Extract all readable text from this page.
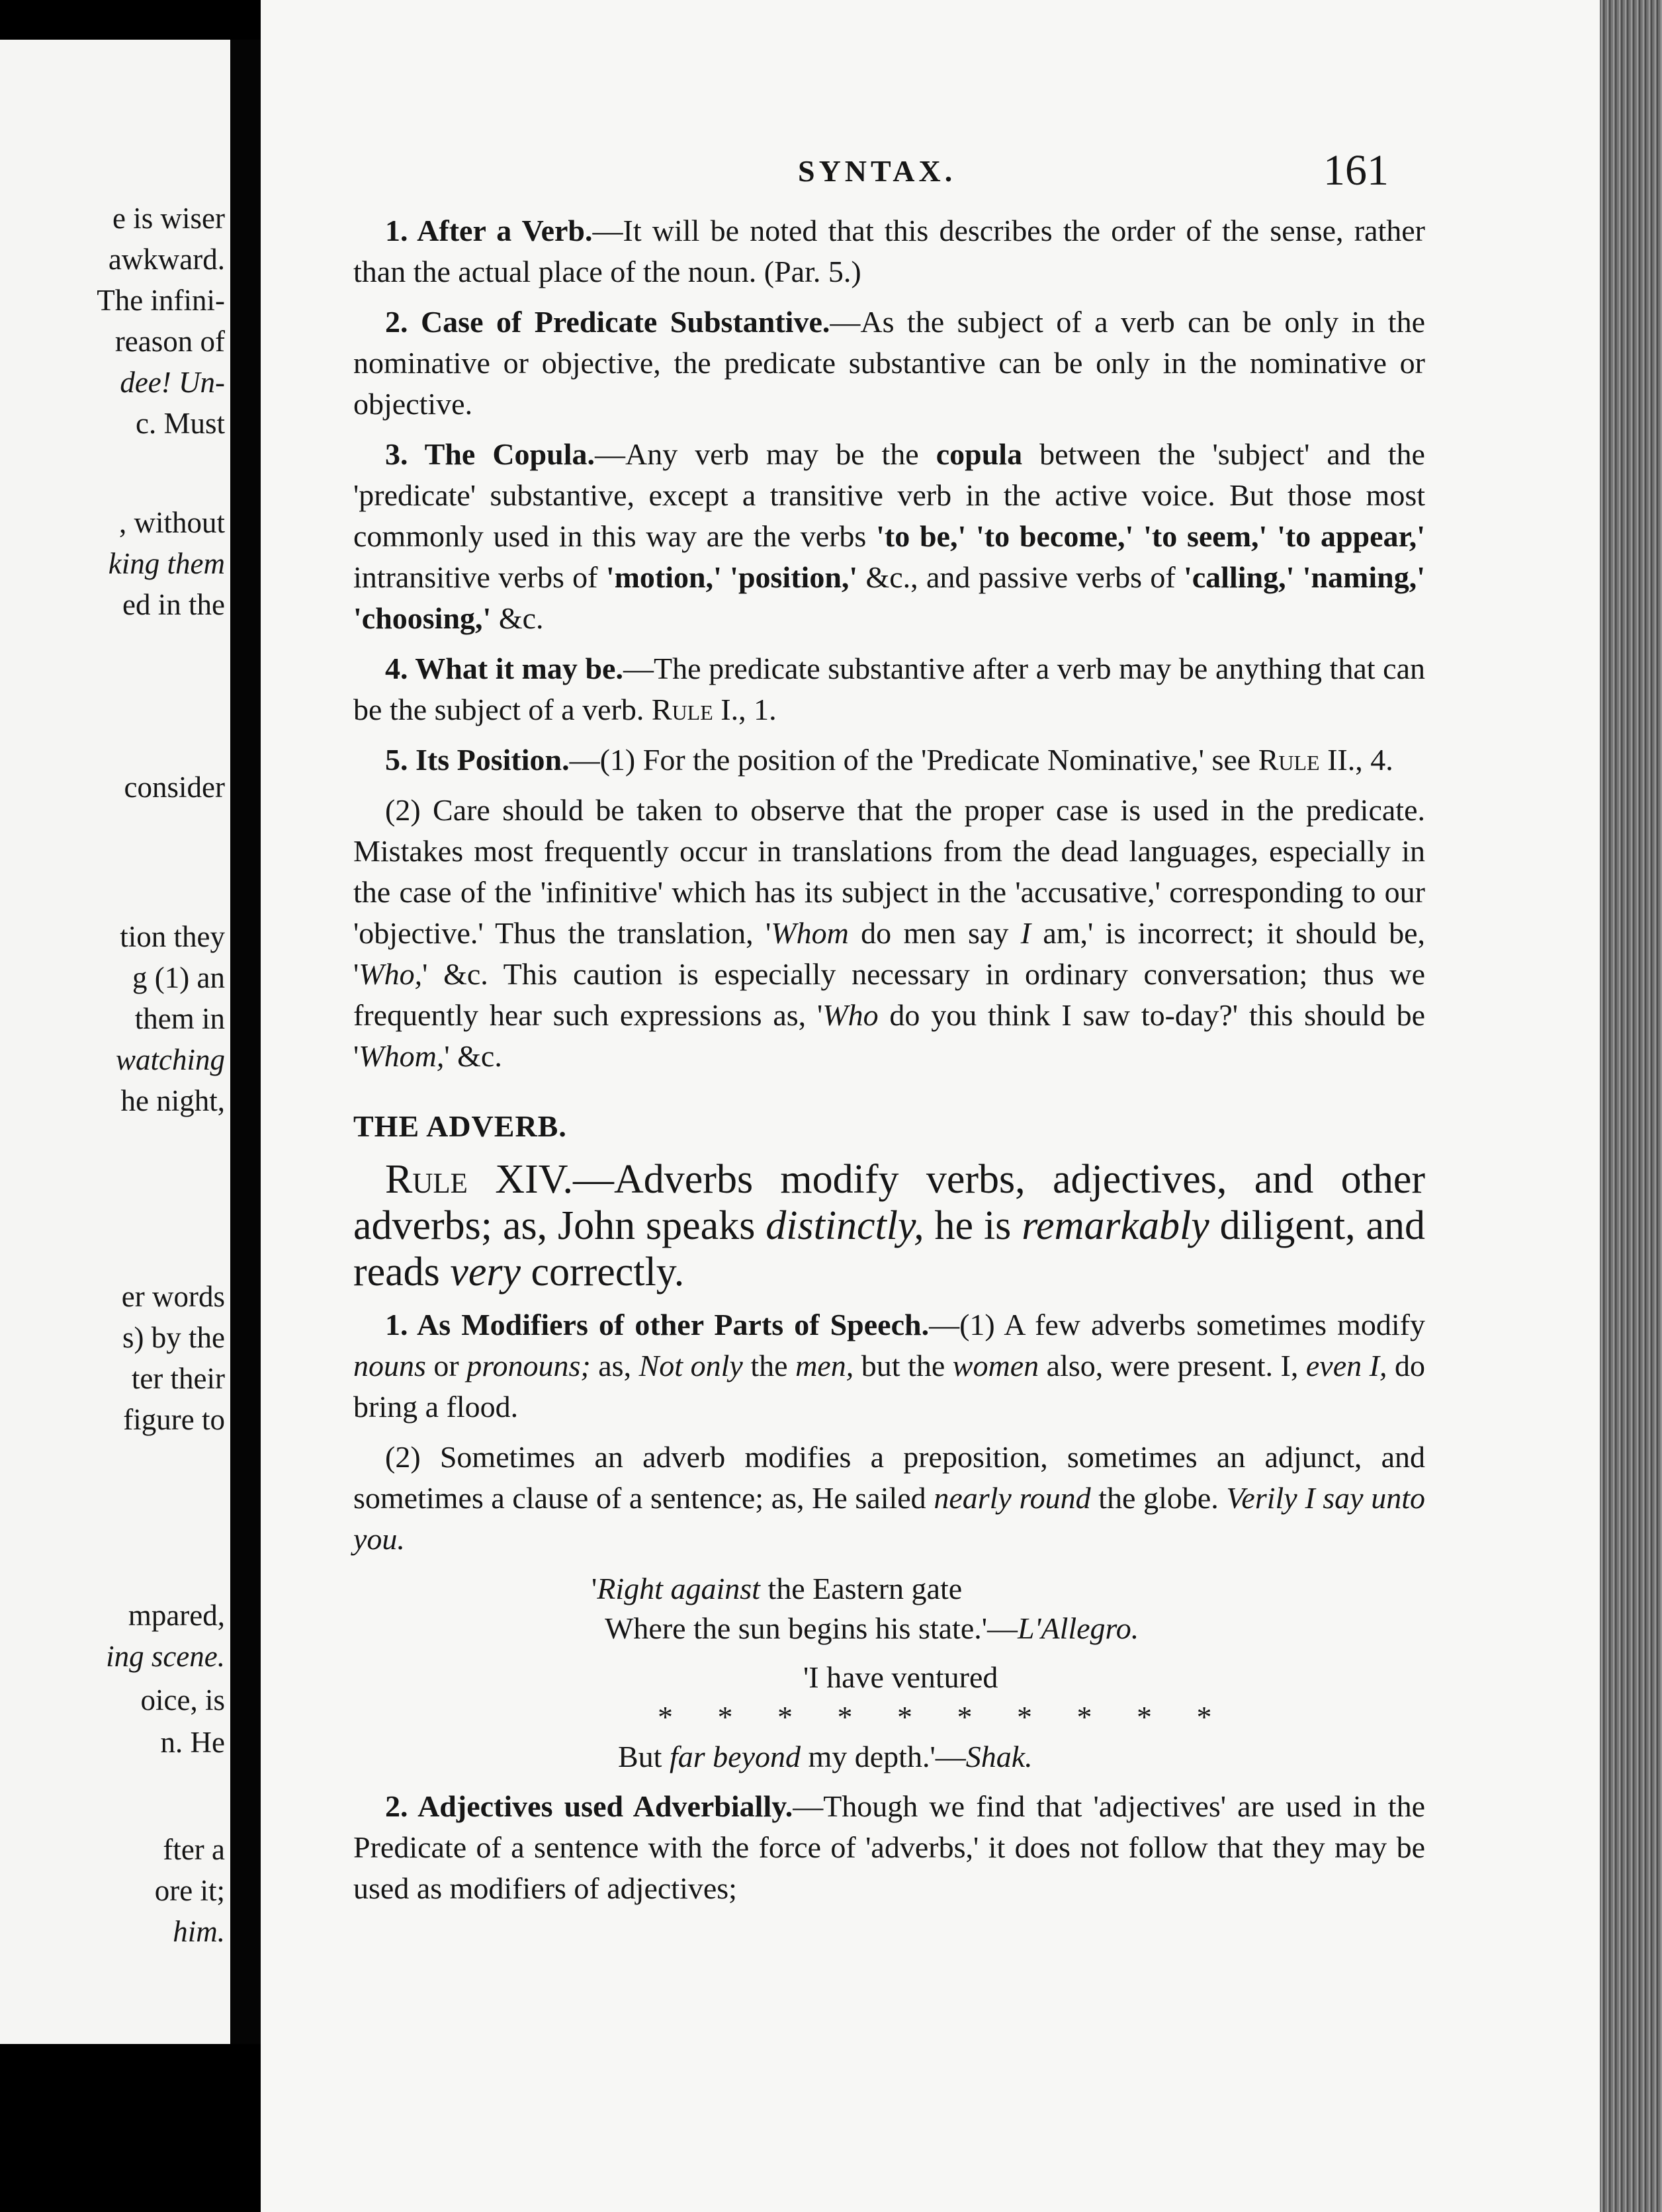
e is wiser
awkward.
The infini-
reason of
dee! Un-
c. Must
, without
king them
ed in the
consider
tion they
g (1) an
them in
watching
he night,
er words
s) by the
ter their
figure to
mpared,
ing scene.
oice, is
n. He
fter a
ore it;
him.
SYNTAX.	161

1. After a Verb.—It will be noted that this describes the order of the sense, rather than the actual place of the noun. (Par. 5.)

2. Case of Predicate Substantive.—As the subject of a verb can be only in the nominative or objective, the predicate substantive can be only in the nominative or objective.

3. The Copula.—Any verb may be the copula between the 'subject' and the 'predicate' substantive, except a transitive verb in the active voice. But those most commonly used in this way are the verbs 'to be,' 'to become,' 'to seem,' 'to appear,' intransitive verbs of 'motion,' 'position,' &c., and passive verbs of 'calling,' 'naming,' 'choosing,' &c.

4. What it may be.—The predicate substantive after a verb may be anything that can be the subject of a verb. Rule I., 1.

5. Its Position.—(1) For the position of the 'Predicate Nominative,' see Rule II., 4.

(2) Care should be taken to observe that the proper case is used in the predicate. Mistakes most frequently occur in translations from the dead languages, especially in the case of the 'infinitive' which has its subject in the 'accusative,' corresponding to our 'objective.' Thus the translation, 'Whom do men say I am,' is incorrect; it should be, 'Who,' &c. This caution is especially necessary in ordinary conversation; thus we frequently hear such expressions as, 'Who do you think I saw to-day?' this should be 'Whom,' &c.

THE ADVERB.

Rule XIV.—Adverbs modify verbs, adjectives, and other adverbs; as, John speaks distinctly, he is remarkably diligent, and reads very correctly.

1. As Modifiers of other Parts of Speech.—(1) A few adverbs sometimes modify nouns or pronouns; as, Not only the men, but the women also, were present. I, even I, do bring a flood.

(2) Sometimes an adverb modifies a preposition, sometimes an adjunct, and sometimes a clause of a sentence; as, He sailed nearly round the globe. Verily I say unto you.

'Right against the Eastern gate
Where the sun begins his state.'—L'Allegro.
'I have ventured
* * * * * * * * * *
But far beyond my depth.'—Shak.

2. Adjectives used Adverbially.—Though we find that 'adjectives' are used in the Predicate of a sentence with the force of 'adverbs,' it does not follow that they may be used as modifiers of adjectives;
